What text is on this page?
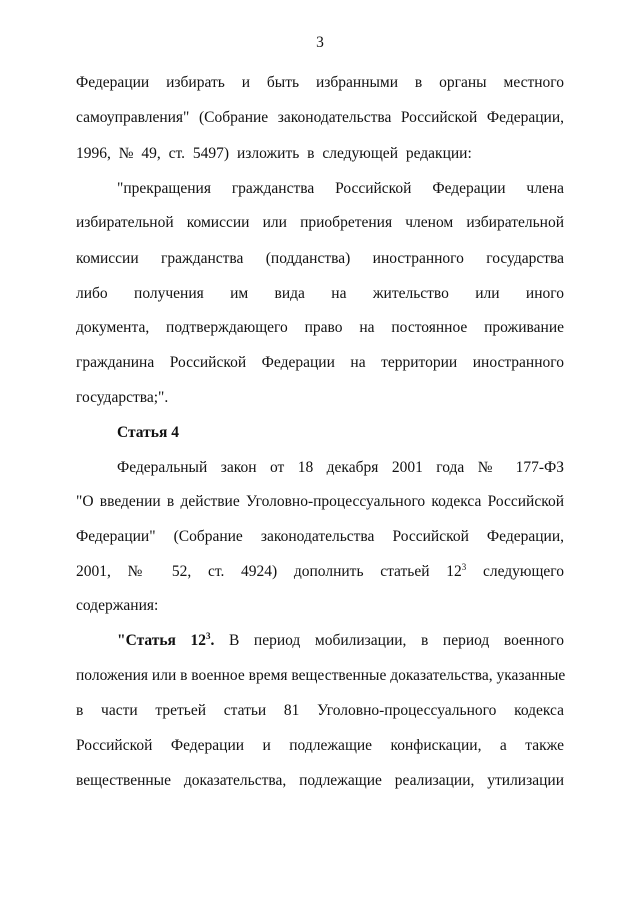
3
Федерации избирать и быть избранными в органы местного
самоуправления" (Собрание законодательства Российской Федерации,
1996, № 49, ст. 5497) изложить в следующей редакции:
"прекращения гражданства Российской Федерации члена
избирательной комиссии или приобретения членом избирательной
комиссии гражданства (подданства) иностранного государства
либо получения им вида на жительство или иного
документа, подтверждающего право на постоянное проживание
гражданина Российской Федерации на территории иностранного
государства;".
Статья 4
Федеральный закон от 18 декабря 2001 года № 177-ФЗ
"О введении в действие Уголовно-процессуального кодекса Российской
Федерации" (Собрание законодательства Российской Федерации,
2001, № 52, ст. 4924) дополнить статьей $12^3$ следующего
содержания:
"Статья $12^3$. В период мобилизации, в период военного
положения или в военное время вещественные доказательства, указанные
в части третьей статьи 81 Уголовно-процессуального кодекса
Российской Федерации и подлежащие конфискации, а также
вещественные доказательства, подлежащие реализации, утилизации
